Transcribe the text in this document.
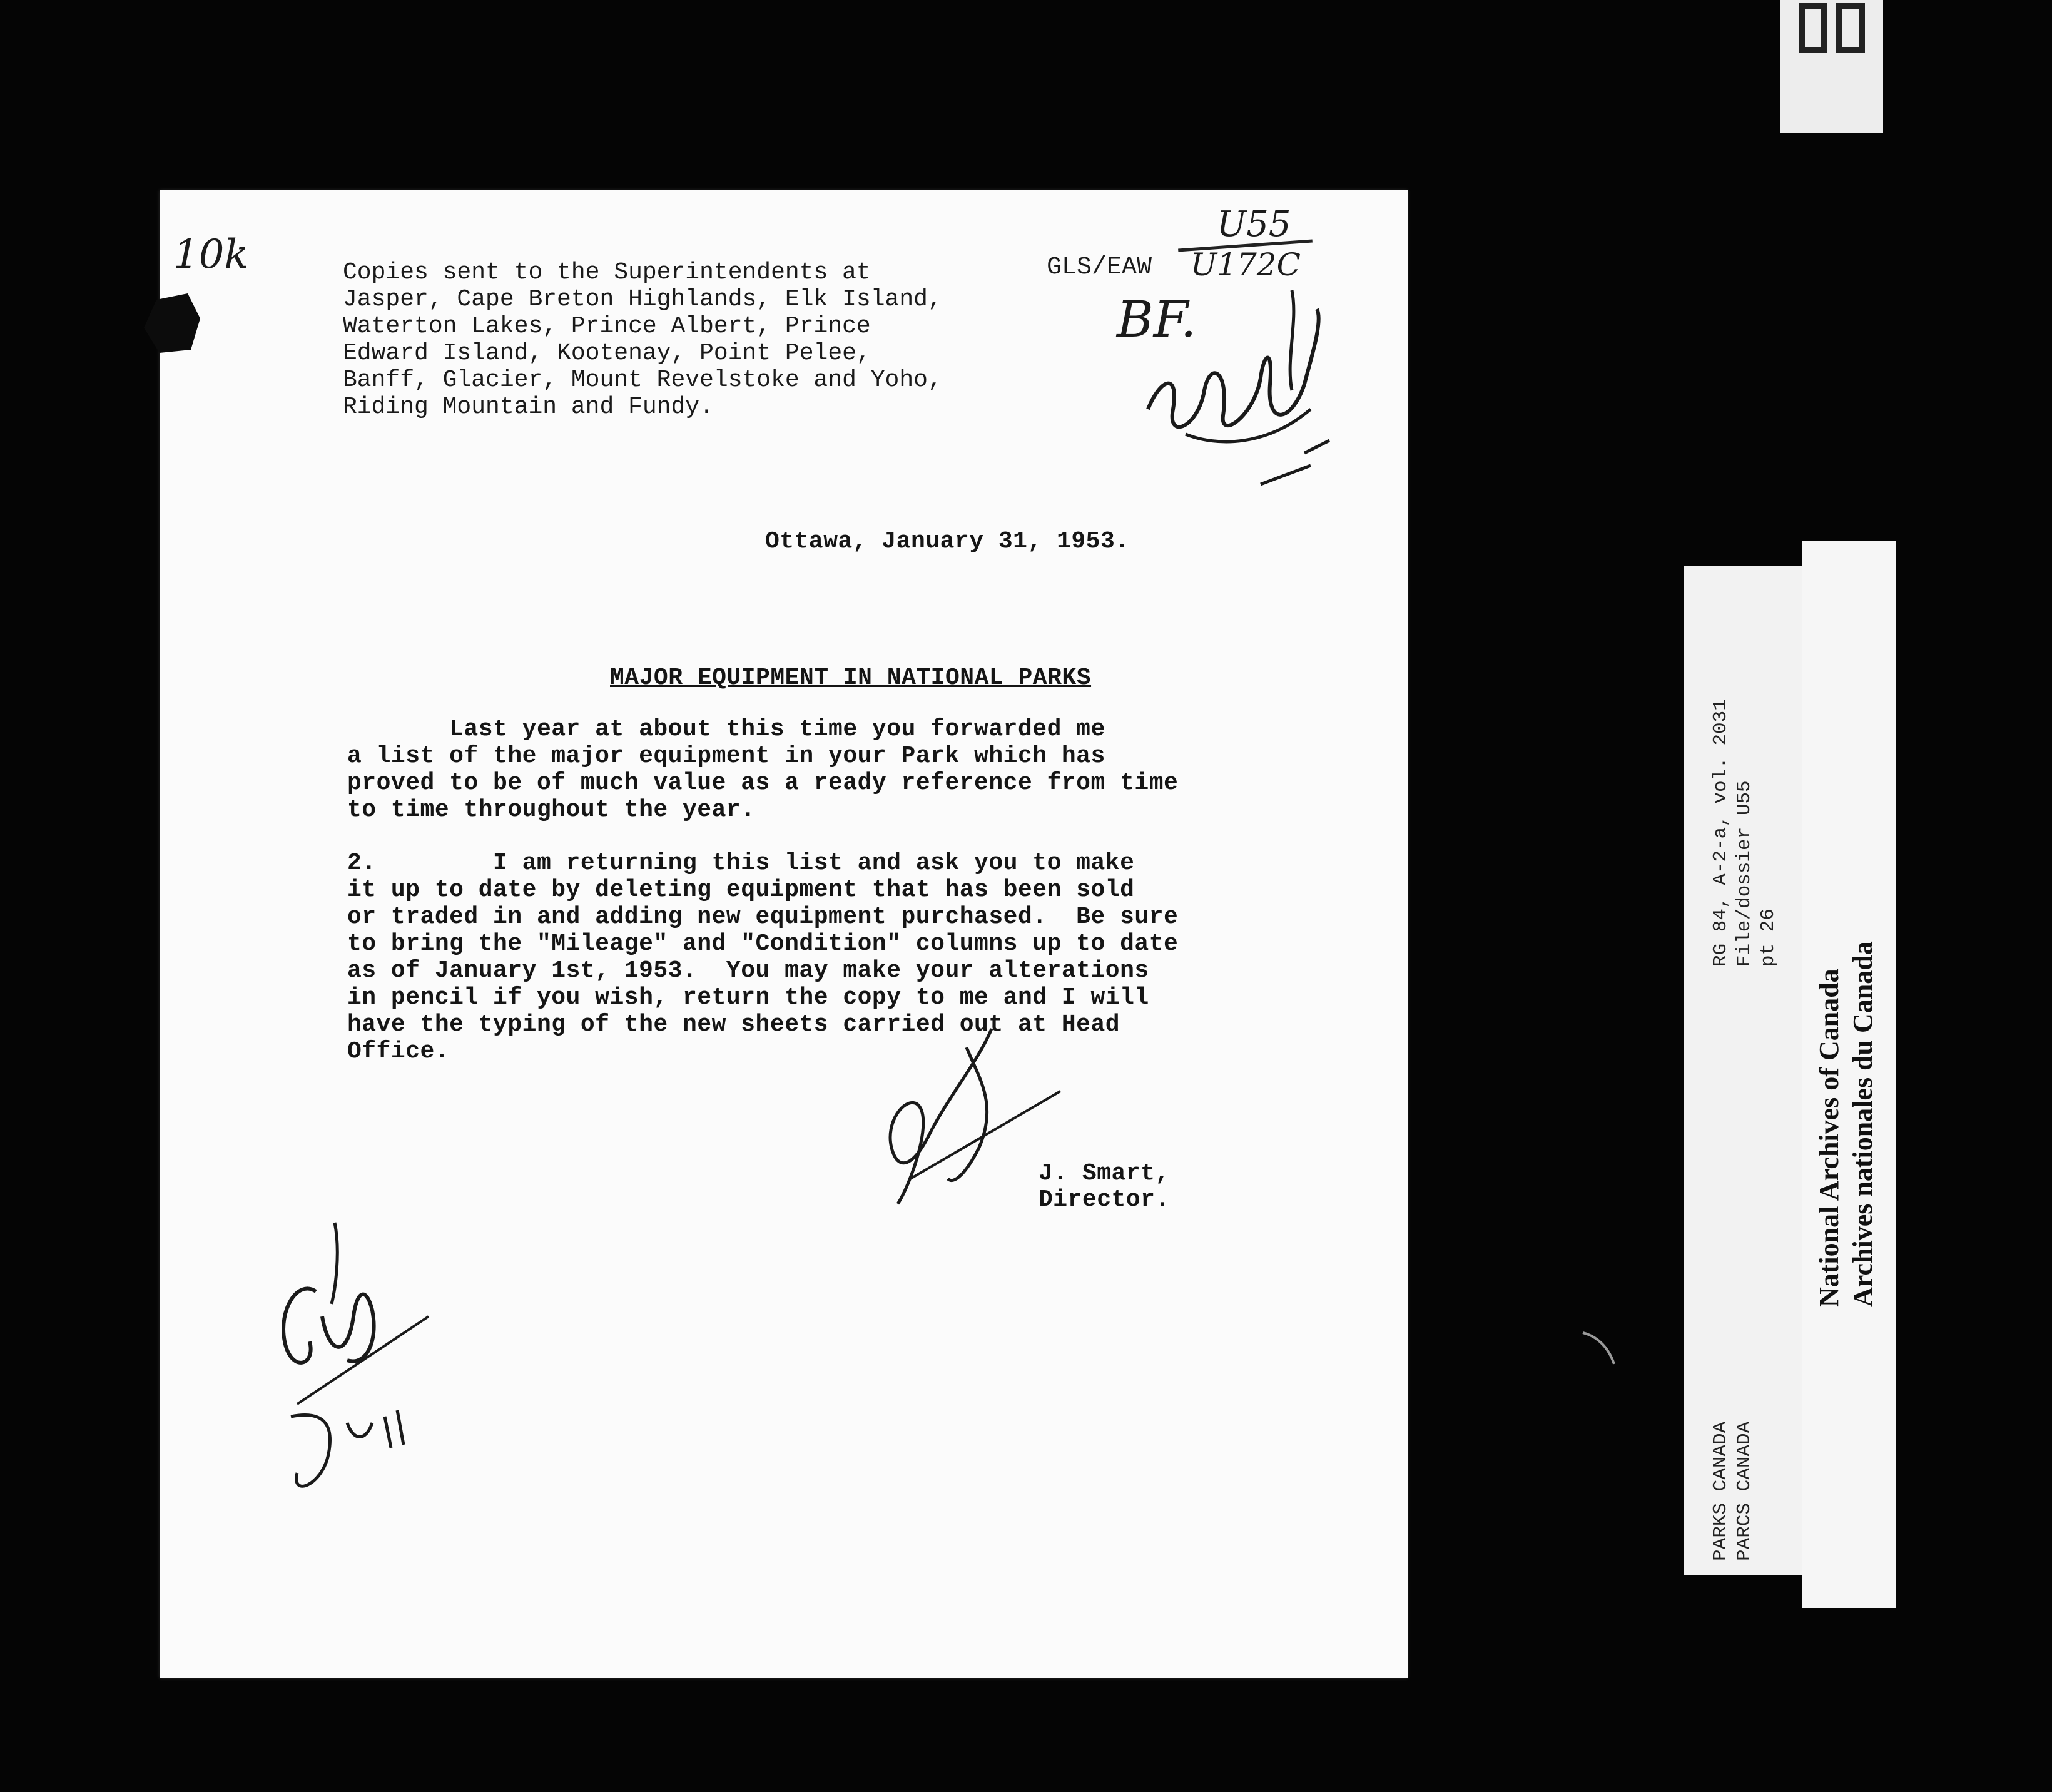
10k	GLS/EAW
U55
U172C
Copies sent to the Superintendents at
Jasper, Cape Breton Highlands, Elk Island,
Waterton Lakes, Prince Albert, Prince
Edward Island, Kootenay, Point Pelee,
Banff, Glacier, Mount Revelstoke and Yoho,
Riding Mountain and Fundy.
BF.
Ottawa, January 31, 1953.
MAJOR EQUIPMENT IN NATIONAL PARKS
Last year at about this time you forwarded me
a list of the major equipment in your Park which has
proved to be of much value as a ready reference from time
to time throughout the year.
2.        I am returning this list and ask you to make
it up to date by deleting equipment that has been sold
or traded in and adding new equipment purchased.  Be sure
to bring the "Mileage" and "Condition" columns up to date
as of January 1st, 1953.  You may make your alterations
in pencil if you wish, return the copy to me and I will
have the typing of the new sheets carried out at Head
Office.
J. Smart,
Director.
PARKS CANADA PARCS CANADA
RG 84, A-2-a, vol. 2031 File/dossier U55 pt 26
National Archives of Canada Archives nationales du Canada
